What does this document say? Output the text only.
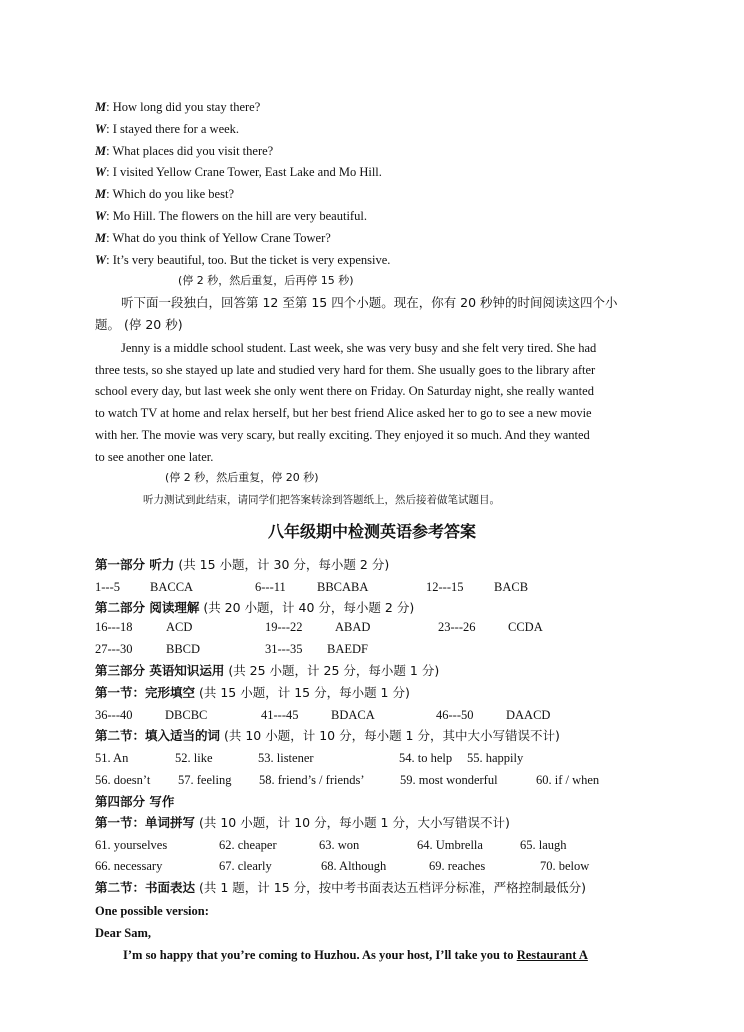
M: How long did you stay there?
W: I stayed there for a week.
M: What places did you visit there?
W: I visited Yellow Crane Tower, East Lake and Mo Hill.
M: Which do you like best?
W: Mo Hill. The flowers on the hill are very beautiful.
M: What do you think of Yellow Crane Tower?
W: It’s very beautiful, too. But the ticket is very expensive.
(停 2 秒，然后重复，后再停 15 秒)
听下面一段独白，回答第 12 至第 15 四个小题。现在，你有 20 秒钟的时间阅读这四个小
题。 (停 20 秒)
Jenny is a middle school student. Last week, she was very busy and she felt very tired. She had
three tests, so she stayed up late and studied very hard for them. She usually goes to the library after
school every day, but last week she only went there on Friday. On Saturday night, she really wanted
to watch TV at home and relax herself, but her best friend Alice asked her to go to see a new movie
with her. The movie was very scary, but really exciting. They enjoyed it so much. And they wanted
to see another one later.
(停 2 秒，然后重复，停 20 秒)
听力测试到此结束，请同学们把答案转涂到答题纸上，然后接着做笔试题目。
八年级期中检测英语参考答案
第一部分 听力 (共 15 小题，计 30 分，每小题 2 分)
1---5 BACCA	6---11 BBCABA	12---15 BACB
第二部分 阅读理解 (共 20 小题，计 40 分，每小题 2 分)
16---18	ACD	19---22	ABAD	23---26	CCDA
27---30	BBCD	31---35 BAEDF
第三部分 英语知识运用 (共 25 小题，计 25 分，每小题 1 分)
第一节：完形填空 (共 15 小题，计 15 分，每小题 1 分)
36---40	DBCBC	41---45	BDACA	46---50	DAACD
第二节：填入适当的词 (共 10 小题，计 10 分，每小题 1 分，其中大小写错误不计)
51. An	52. like	53. listener	54. to help 55. happily
56. doesn’t 57. feeling 58. friend’s / friends’	59. most wonderful	60. if / when
第四部分 写作
第一节：单词拼写 (共 10 小题，计 10 分，每小题 1 分，大小写错误不计)
61. yourselves	62. cheaper	63. won	64. Umbrella	65. laugh
66. necessary	67. clearly	68. Although	69. reaches	70. below
第二节：书面表达 (共 1 题，计 15 分，按中考书面表达五档评分标准，严格控制最低分)
One possible version:
Dear Sam,
I’m so happy that you’re coming to Huzhou. As your host, I’ll take you to Restaurant A
